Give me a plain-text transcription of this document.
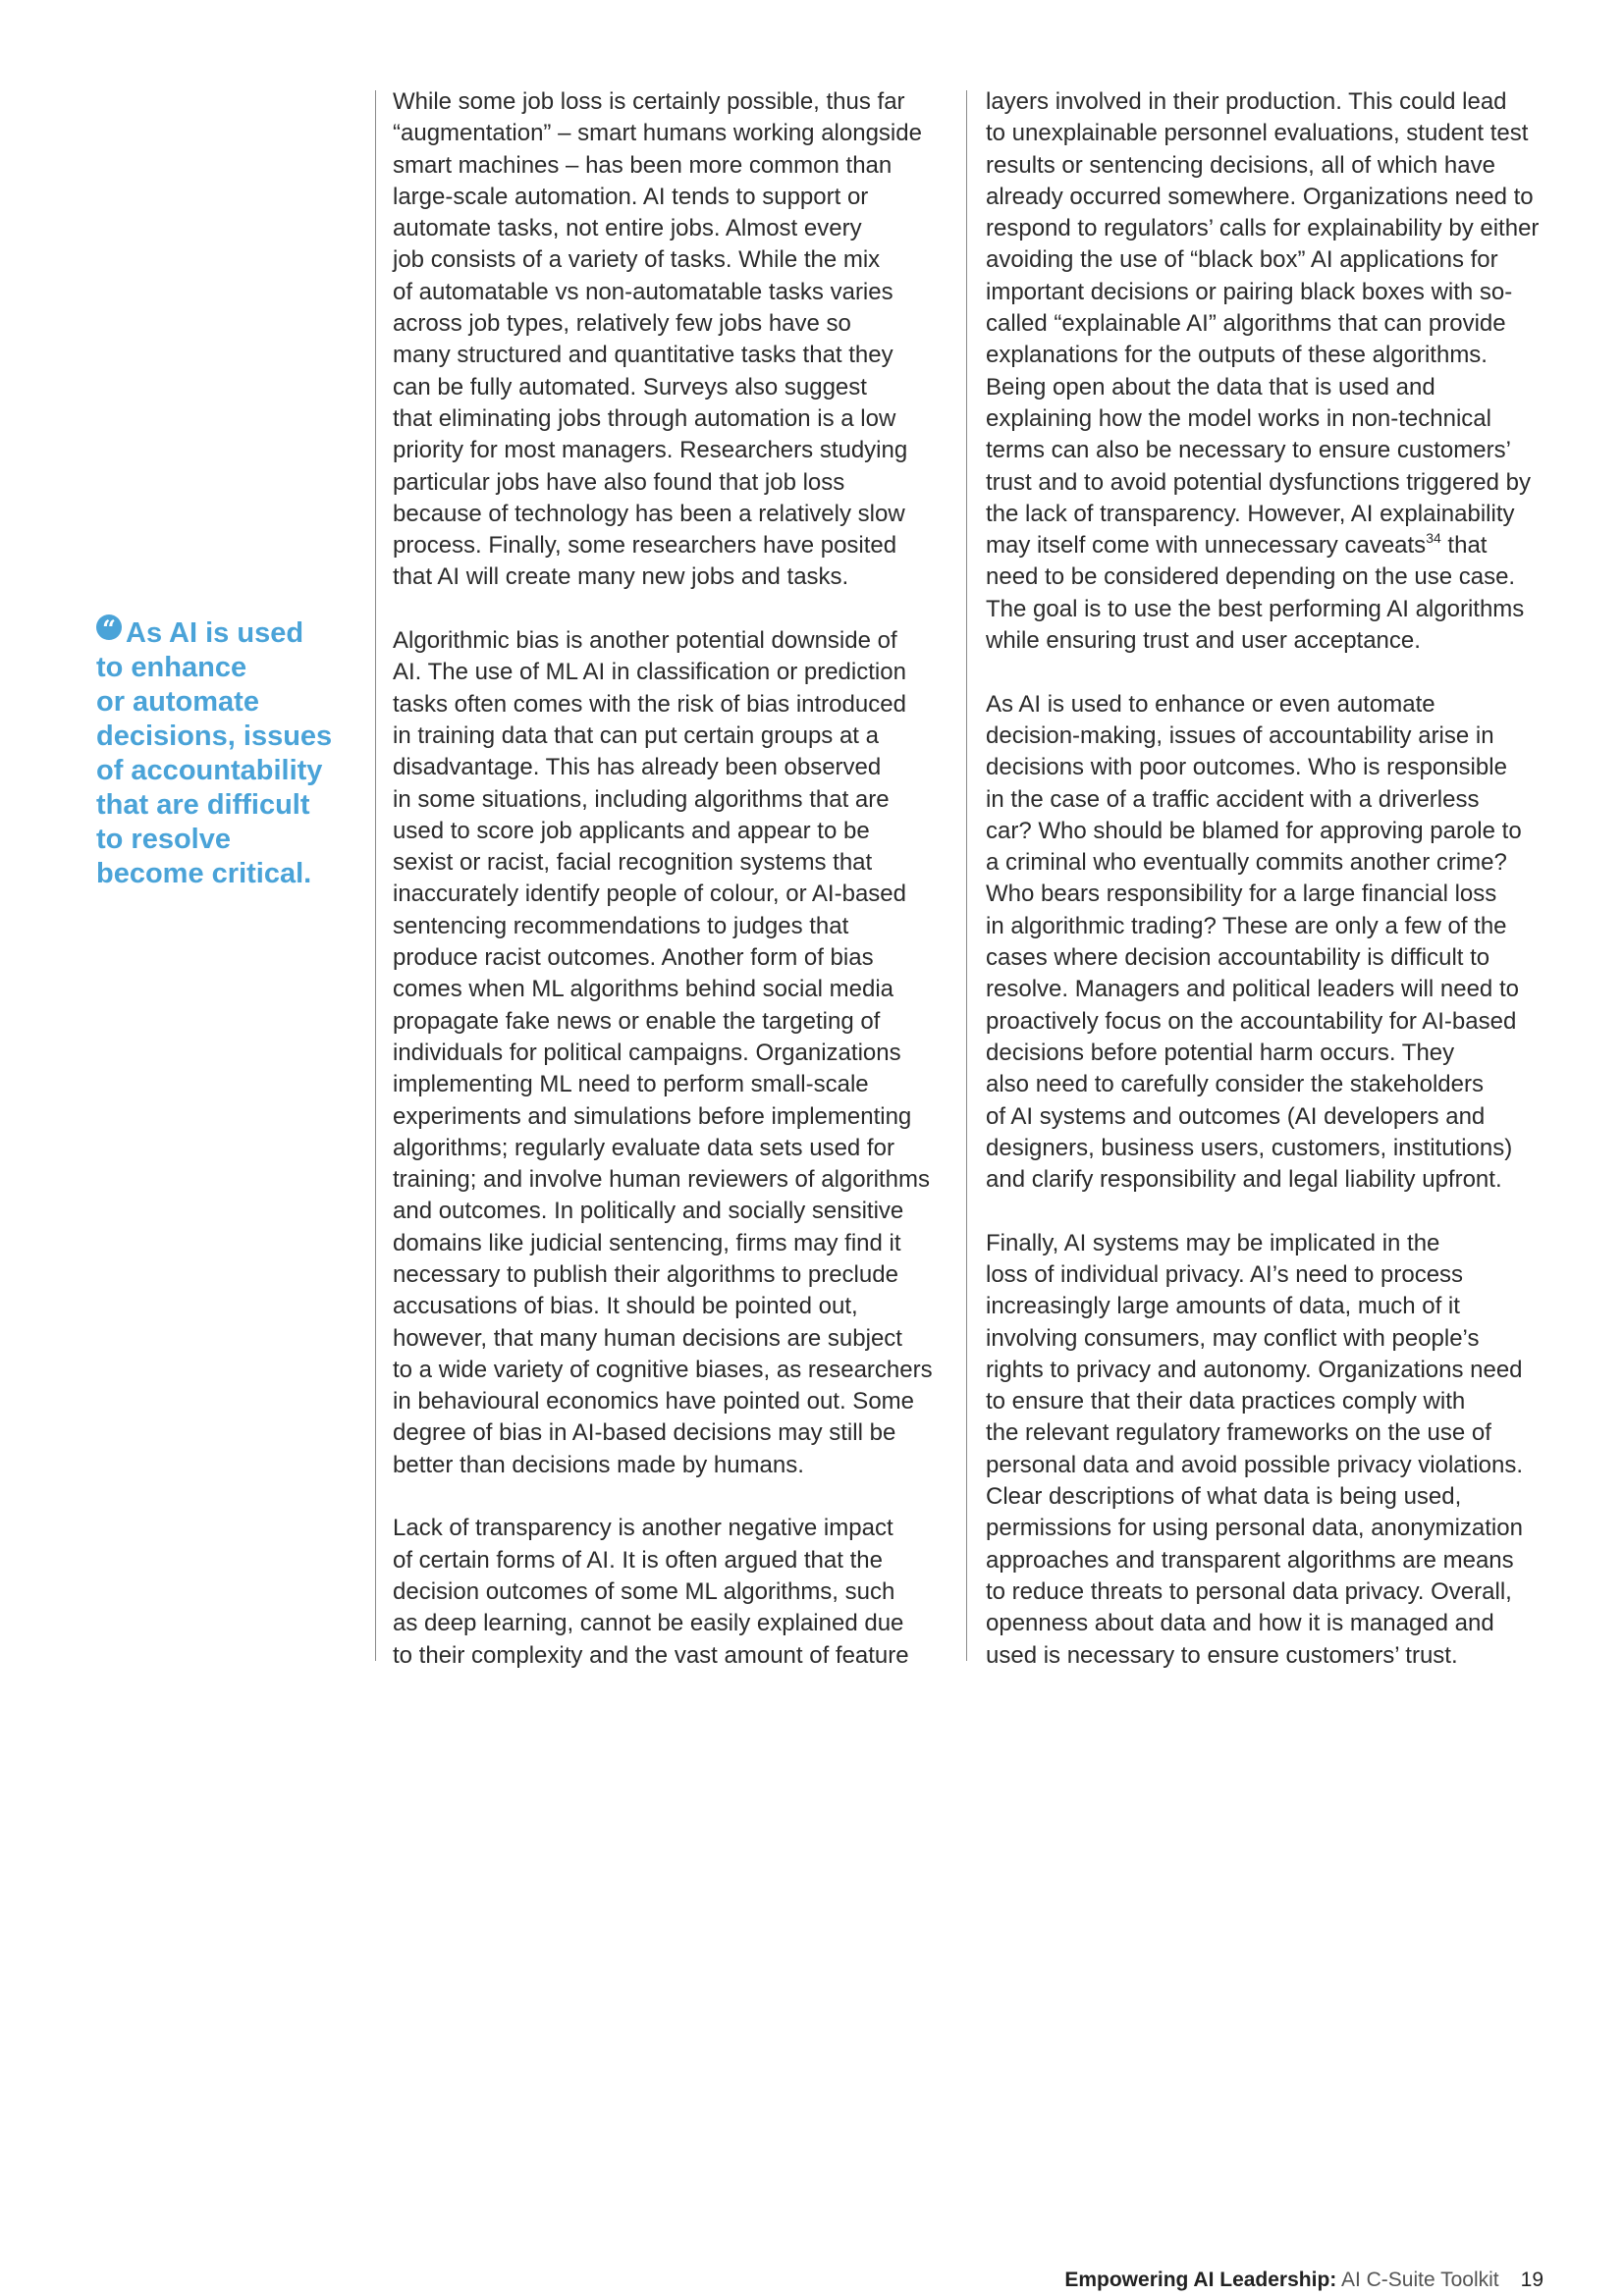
“ As AI is used
to enhance
or automate
decisions, issues
of accountability
that are difficult
to resolve
become critical.

While some job loss is certainly possible, thus far
“augmentation” – smart humans working alongside
smart machines – has been more common than
large-scale automation. AI tends to support or
automate tasks, not entire jobs. Almost every
job consists of a variety of tasks. While the mix
of automatable vs non-automatable tasks varies
across job types, relatively few jobs have so
many structured and quantitative tasks that they
can be fully automated. Surveys also suggest
that eliminating jobs through automation is a low
priority for most managers. Researchers studying
particular jobs have also found that job loss
because of technology has been a relatively slow
process. Finally, some researchers have posited
that AI will create many new jobs and tasks.

Algorithmic bias is another potential downside of
AI. The use of ML AI in classification or prediction
tasks often comes with the risk of bias introduced
in training data that can put certain groups at a
disadvantage. This has already been observed
in some situations, including algorithms that are
used to score job applicants and appear to be
sexist or racist, facial recognition systems that
inaccurately identify people of colour, or AI-based
sentencing recommendations to judges that
produce racist outcomes. Another form of bias
comes when ML algorithms behind social media
propagate fake news or enable the targeting of
individuals for political campaigns. Organizations
implementing ML need to perform small-scale
experiments and simulations before implementing
algorithms; regularly evaluate data sets used for
training; and involve human reviewers of algorithms
and outcomes. In politically and socially sensitive
domains like judicial sentencing, firms may find it
necessary to publish their algorithms to preclude
accusations of bias. It should be pointed out,
however, that many human decisions are subject
to a wide variety of cognitive biases, as researchers
in behavioural economics have pointed out. Some
degree of bias in AI-based decisions may still be
better than decisions made by humans.

Lack of transparency is another negative impact
of certain forms of AI. It is often argued that the
decision outcomes of some ML algorithms, such
as deep learning, cannot be easily explained due
to their complexity and the vast amount of feature

layers involved in their production. This could lead
to unexplainable personnel evaluations, student test
results or sentencing decisions, all of which have
already occurred somewhere. Organizations need to
respond to regulators’ calls for explainability by either
avoiding the use of “black box” AI applications for
important decisions or pairing black boxes with so-
called “explainable AI” algorithms that can provide
explanations for the outputs of these algorithms.
Being open about the data that is used and
explaining how the model works in non-technical
terms can also be necessary to ensure customers’
trust and to avoid potential dysfunctions triggered by
the lack of transparency. However, AI explainability
may itself come with unnecessary caveats$^{34}$ that
need to be considered depending on the use case.
The goal is to use the best performing AI algorithms
while ensuring trust and user acceptance.

As AI is used to enhance or even automate
decision-making, issues of accountability arise in
decisions with poor outcomes. Who is responsible
in the case of a traffic accident with a driverless
car? Who should be blamed for approving parole to
a criminal who eventually commits another crime?
Who bears responsibility for a large financial loss
in algorithmic trading? These are only a few of the
cases where decision accountability is difficult to
resolve. Managers and political leaders will need to
proactively focus on the accountability for AI-based
decisions before potential harm occurs. They
also need to carefully consider the stakeholders
of AI systems and outcomes (AI developers and
designers, business users, customers, institutions)
and clarify responsibility and legal liability upfront.

Finally, AI systems may be implicated in the
loss of individual privacy. AI’s need to process
increasingly large amounts of data, much of it
involving consumers, may conflict with people’s
rights to privacy and autonomy. Organizations need
to ensure that their data practices comply with
the relevant regulatory frameworks on the use of
personal data and avoid possible privacy violations.
Clear descriptions of what data is being used,
permissions for using personal data, anonymization
approaches and transparent algorithms are means
to reduce threats to personal data privacy. Overall,
openness about data and how it is managed and
used is necessary to ensure customers’ trust.

Empowering AI Leadership: AI C-Suite Toolkit 19
